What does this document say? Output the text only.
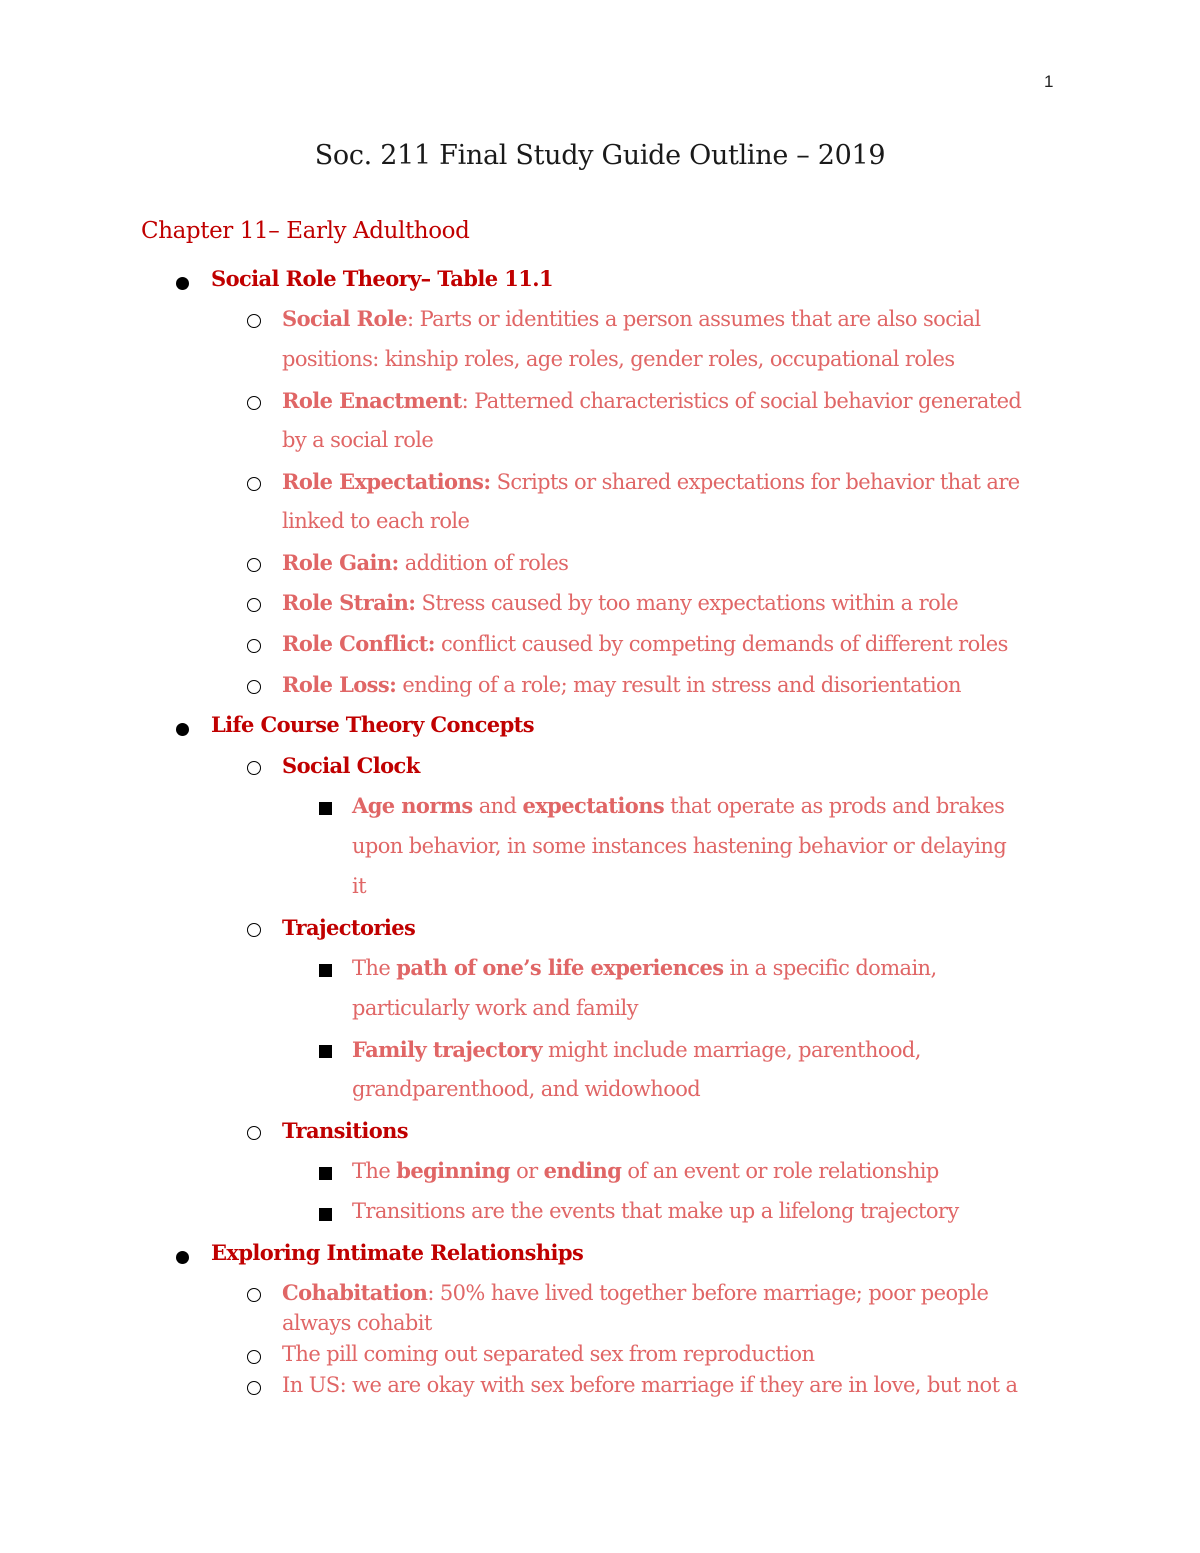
1
Soc. 211 Final Study Guide Outline – 2019
Chapter 11– Early Adulthood
Social Role Theory– Table 11.1
Social Role: Parts or identities a person assumes that are also social
positions: kinship roles, age roles, gender roles, occupational roles
Role Enactment: Patterned characteristics of social behavior generated
by a social role
Role Expectations: Scripts or shared expectations for behavior that are
linked to each role
Role Gain: addition of roles
Role Strain: Stress caused by too many expectations within a role
Role Conflict: conflict caused by competing demands of different roles
Role Loss: ending of a role; may result in stress and disorientation
Life Course Theory Concepts
Social Clock
Age norms and expectations that operate as prods and brakes
upon behavior, in some instances hastening behavior or delaying
it
Trajectories
The path of one’s life experiences in a specific domain,
particularly work and family
Family trajectory might include marriage, parenthood,
grandparenthood, and widowhood
Transitions
The beginning or ending of an event or role relationship
Transitions are the events that make up a lifelong trajectory
Exploring Intimate Relationships
Cohabitation: 50% have lived together before marriage; poor people
always cohabit
The pill coming out separated sex from reproduction
In US: we are okay with sex before marriage if they are in love, but not a
